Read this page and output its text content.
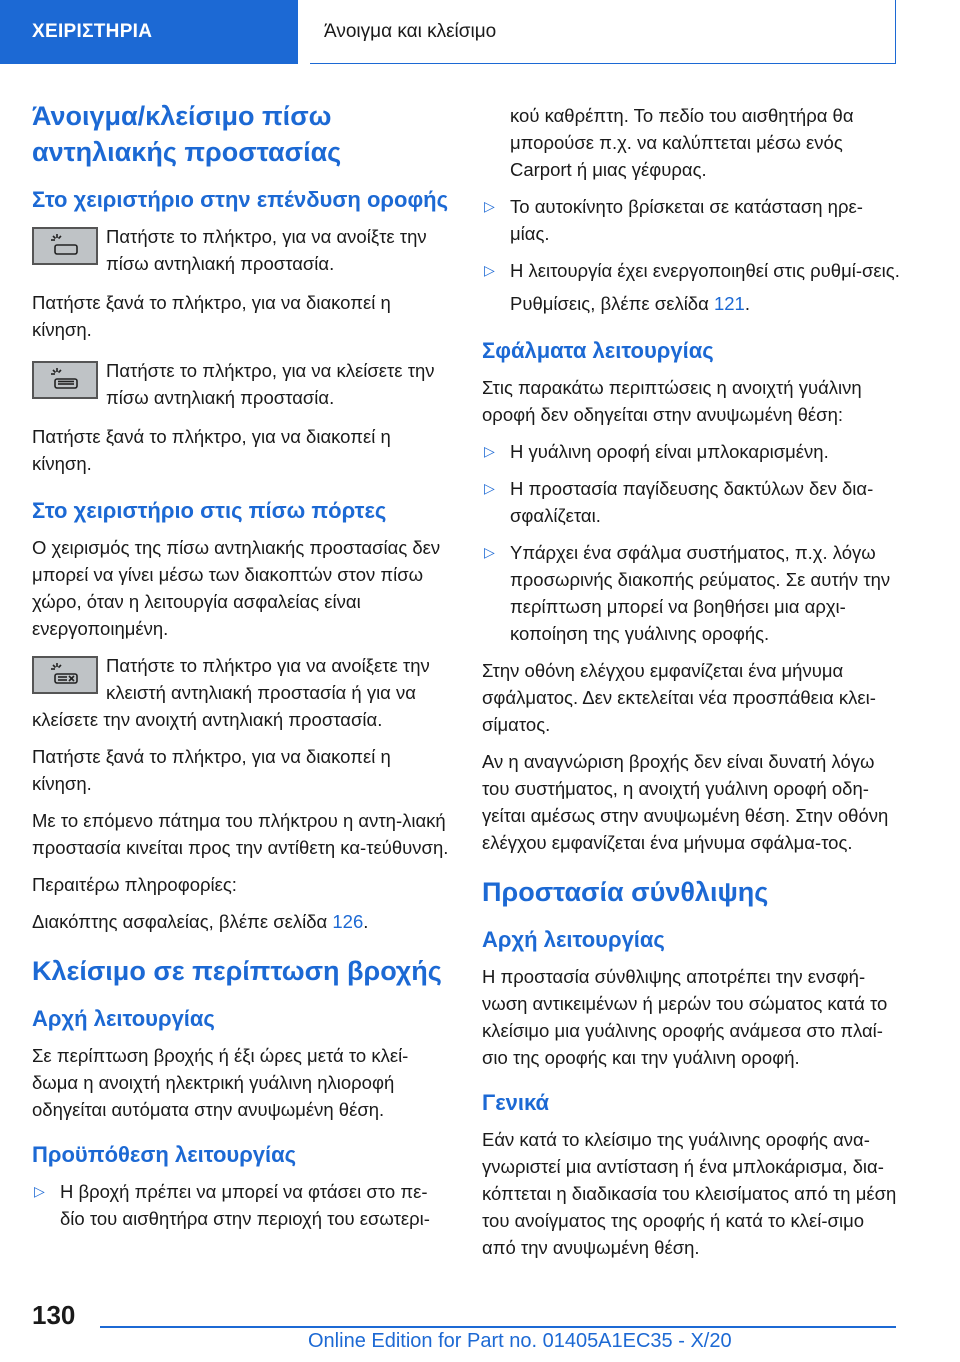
ΧΕΙΡΙΣΤΗΡΙΑ	Άνοιγμα και κλείσιμο
Άνοιγμα/κλείσιμο πίσω αντηλιακής προστασίας
Στο χειριστήριο στην επένδυση οροφής
Πατήστε το πλήκτρο, για να ανοίξτε την πίσω αντηλιακή προστασία.

Πατήστε ξανά το πλήκτρο, για να διακοπεί η κίνηση.

Πατήστε το πλήκτρο, για να κλείσετε την πίσω αντηλιακή προστασία.

Πατήστε ξανά το πλήκτρο, για να διακοπεί η κίνηση.

Στο χειριστήριο στις πίσω πόρτες

Ο χειρισμός της πίσω αντηλιακής προστασίας δεν μπορεί να γίνει μέσω των διακοπτών στον πίσω χώρο, όταν η λειτουργία ασφαλείας είναι ενεργοποιημένη.

Πατήστε το πλήκτρο για να ανοίξετε την κλειστή αντηλιακή προστασία ή για να κλείσετε την ανοιχτή αντηλιακή προστασία.

Πατήστε ξανά το πλήκτρο, για να διακοπεί η κίνηση.

Με το επόμενο πάτημα του πλήκτρου η αντη-λιακή προστασία κινείται προς την αντίθετη κα-τεύθυνση.

Περαιτέρω πληροφορίες:

Διακόπτης ασφαλείας, βλέπε σελίδα 126.

Κλείσιμο σε περίπτωση βροχής
Αρχή λειτουργίας

Σε περίπτωση βροχής ή έξι ώρες μετά το κλεί-δωμα η ανοιχτή ηλεκτρική γυάλινη ηλιοροφή οδηγείται αυτόματα στην ανυψωμένη θέση.

Προϋπόθεση λειτουργίας
▷ Η βροχή πρέπει να μπορεί να φτάσει στο πε-δίο του αισθητήρα στην περιοχή του εσωτερι-
κού καθρέπτη. Το πεδίο του αισθητήρα θα μπορούσε π.χ. να καλύπτεται μέσω ενός Carport ή μιας γέφυρας.
▷ Το αυτοκίνητο βρίσκεται σε κατάσταση ηρε-μίας.
▷ Η λειτουργία έχει ενεργοποιηθεί στις ρυθμί-σεις.
Ρυθμίσεις, βλέπε σελίδα 121.
Σφάλματα λειτουργίας

Στις παρακάτω περιπτώσεις η ανοιχτή γυάλινη οροφή δεν οδηγείται στην ανυψωμένη θέση:

▷ Η γυάλινη οροφή είναι μπλοκαρισμένη.
▷ Η προστασία παγίδευσης δακτύλων δεν δια-σφαλίζεται.
▷ Υπάρχει ένα σφάλμα συστήματος, π.χ. λόγω προσωρινής διακοπής ρεύματος. Σε αυτήν την περίπτωση μπορεί να βοηθήσει μια αρχι-κοποίηση της γυάλινης οροφής.

Στην οθόνη ελέγχου εμφανίζεται ένα μήνυμα σφάλματος. Δεν εκτελείται νέα προσπάθεια κλει-σίματος.

Αν η αναγνώριση βροχής δεν είναι δυνατή λόγω του συστήματος, η ανοιχτή γυάλινη οροφή οδη-γείται αμέσως στην ανυψωμένη θέση. Στην οθόνη ελέγχου εμφανίζεται ένα μήνυμα σφάλμα-τος.

Προστασία σύνθλιψης
Αρχή λειτουργίας

Η προστασία σύνθλιψης αποτρέπει την ενσφή-νωση αντικειμένων ή μερών του σώματος κατά το κλείσιμο μια γυάλινης οροφής ανάμεσα στο πλαί-σιο της οροφής και την γυάλινη οροφή.

Γενικά

Εάν κατά το κλείσιμο της γυάλινης οροφής ανα-γνωριστεί μια αντίσταση ή ένα μπλοκάρισμα, δια-κόπτεται η διαδικασία του κλεισίματος από τη μέση του ανοίγματος της οροφής ή κατά το κλεί-σιμο από την ανυψωμένη θέση.

130
Online Edition for Part no. 01405A1EC35 - X/20
